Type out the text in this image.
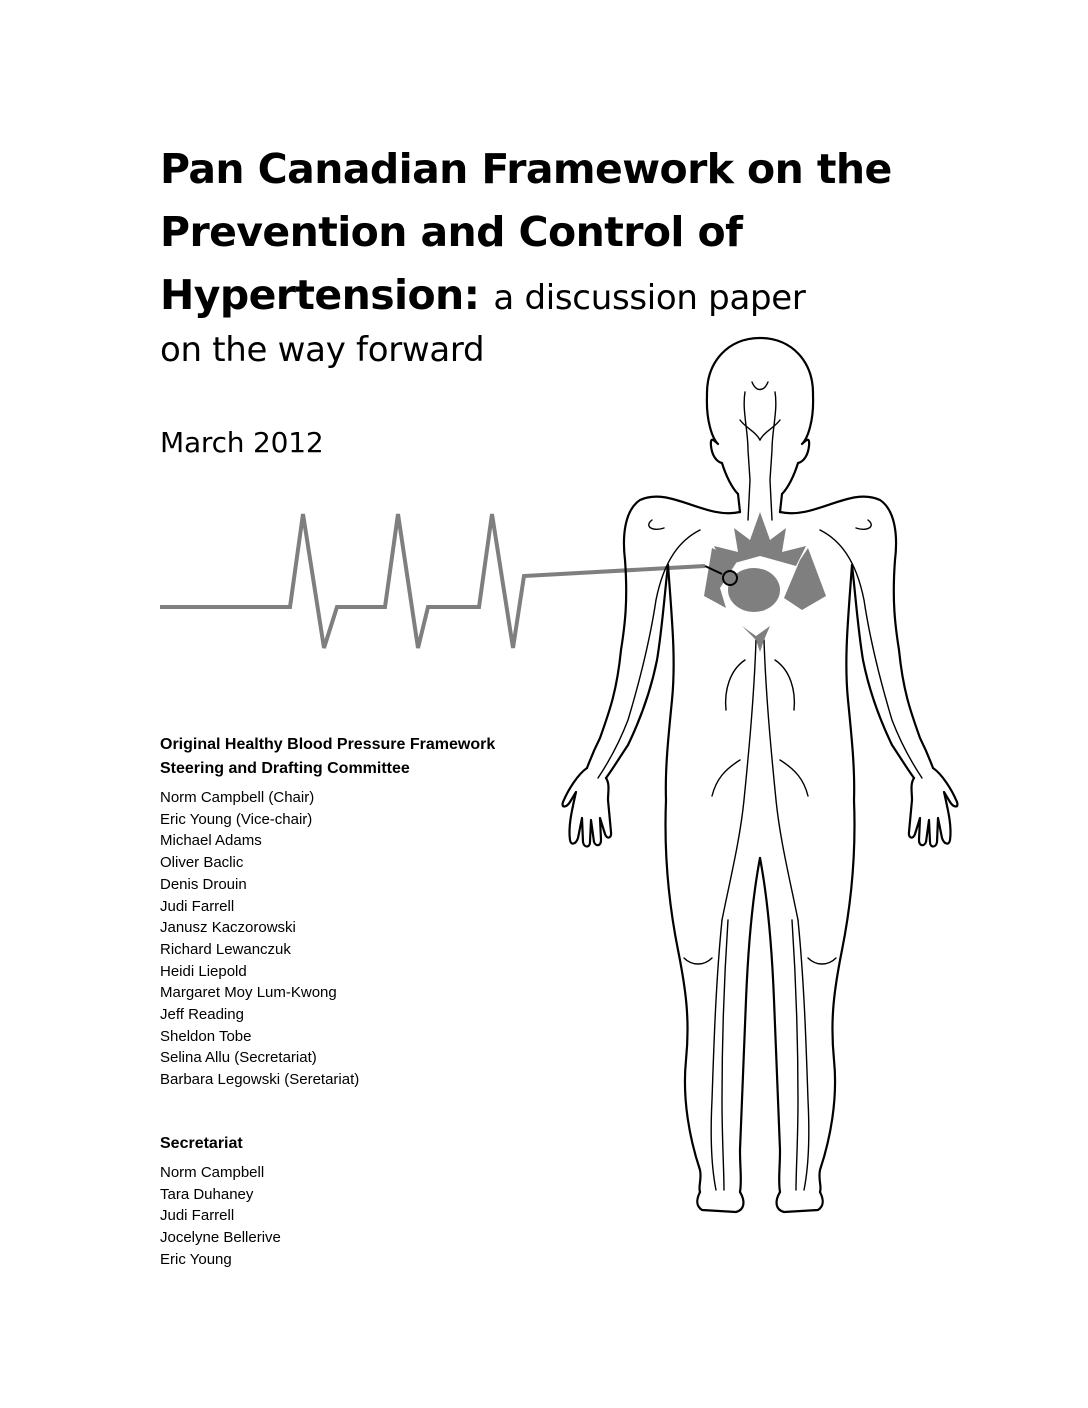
Pan Canadian Framework on the
Prevention and Control of
Hypertension: a discussion paper
on the way forward
March 2012
Original Healthy Blood Pressure Framework
Steering and Drafting Committee
Norm Campbell (Chair)
Eric Young (Vice-chair)
Michael Adams
Oliver Baclic
Denis Drouin
Judi Farrell
Janusz Kaczorowski
Richard Lewanczuk
Heidi Liepold
Margaret Moy Lum-Kwong
Jeff Reading
Sheldon Tobe
Selina Allu (Secretariat)
Barbara Legowski (Seretariat)
Secretariat
Norm Campbell
Tara Duhaney
Judi Farrell
Jocelyne Bellerive
Eric Young
